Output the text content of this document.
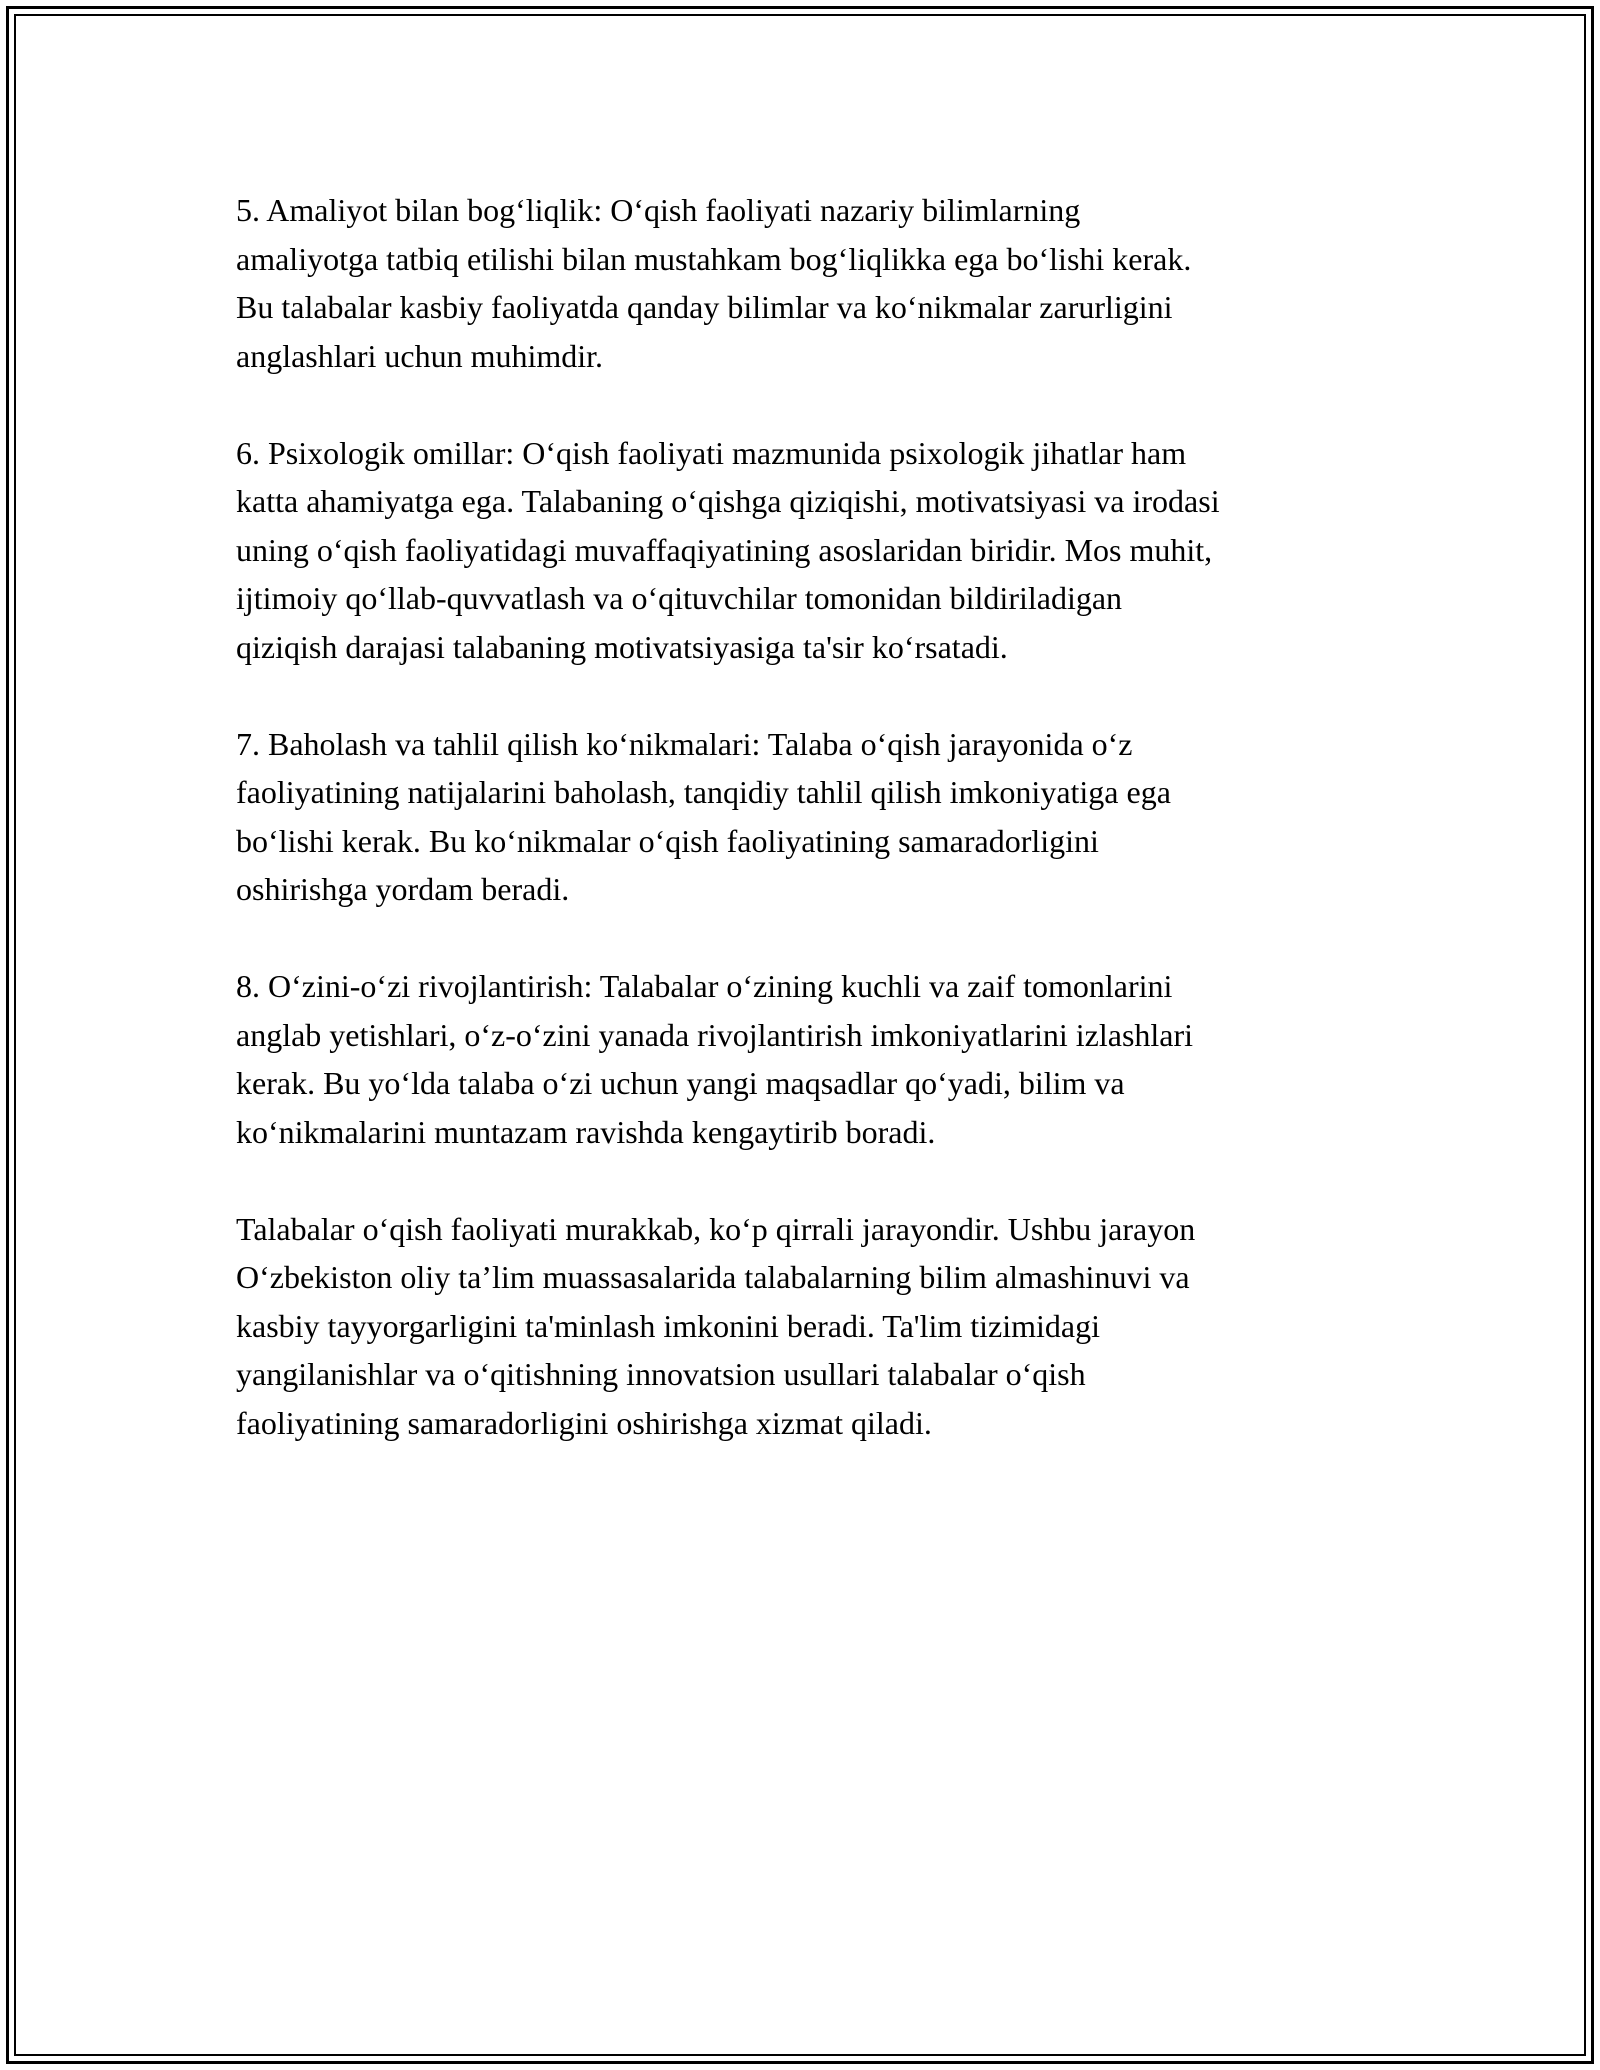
5. Amaliyot bilan bog‘liqlik: O‘qish faoliyati nazariy bilimlarning
amaliyotga tatbiq etilishi bilan mustahkam bog‘liqlikka ega bo‘lishi kerak.
Bu talabalar kasbiy faoliyatda qanday bilimlar va ko‘nikmalar zarurligini
anglashlari uchun muhimdir.

6. Psixologik omillar: O‘qish faoliyati mazmunida psixologik jihatlar ham
katta ahamiyatga ega. Talabaning o‘qishga qiziqishi, motivatsiyasi va irodasi
uning o‘qish faoliyatidagi muvaffaqiyatining asoslaridan biridir. Mos muhit,
ijtimoiy qo‘llab-quvvatlash va o‘qituvchilar tomonidan bildiriladigan
qiziqish darajasi talabaning motivatsiyasiga ta'sir ko‘rsatadi.

7. Baholash va tahlil qilish ko‘nikmalari: Talaba o‘qish jarayonida o‘z
faoliyatining natijalarini baholash, tanqidiy tahlil qilish imkoniyatiga ega
bo‘lishi kerak. Bu ko‘nikmalar o‘qish faoliyatining samaradorligini
oshirishga yordam beradi.

8. O‘zini-o‘zi rivojlantirish: Talabalar o‘zining kuchli va zaif tomonlarini
anglab yetishlari, o‘z-o‘zini yanada rivojlantirish imkoniyatlarini izlashlari
kerak. Bu yo‘lda talaba o‘zi uchun yangi maqsadlar qo‘yadi, bilim va
ko‘nikmalarini muntazam ravishda kengaytirib boradi.

Talabalar o‘qish faoliyati murakkab, ko‘p qirrali jarayondir. Ushbu jarayon
O‘zbekiston oliy ta’lim muassasalarida talabalarning bilim almashinuvi va
kasbiy tayyorgarligini ta'minlash imkonini beradi. Ta'lim tizimidagi
yangilanishlar va o‘qitishning innovatsion usullari talabalar o‘qish
faoliyatining samaradorligini oshirishga xizmat qiladi.
